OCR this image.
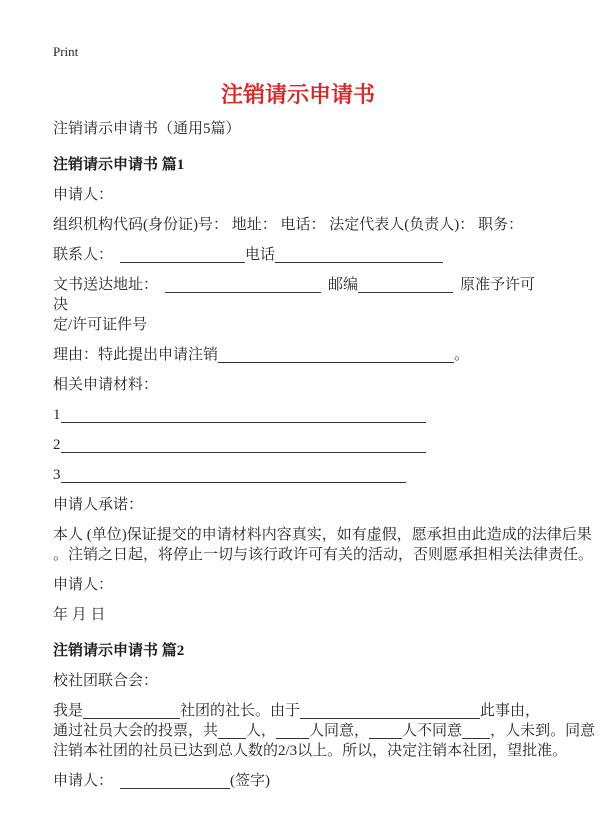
Print
注销请示申请书
注销请示申请书（通用5篇）
注销请示申请书 篇1
申请人：
组织机构代码(身份证)号： 地址： 电话： 法定代表人(负责人)： 职务：
联系人：	电话
文书送达地址：	邮编	原准予许可决
定/许可证件号
理由：特此提出申请注销	。
相关申请材料：
1
2
3
申请人承诺：
本人 (单位)保证提交的申请材料内容真实，如有虚假，愿承担由此造成的法律后果
。注销之日起，将停止一切与该行政许可有关的活动，否则愿承担相关法律责任。
申请人：
年 月 日
注销请示申请书 篇2
校社团联合会：
我是	社团的社长。由于	此事由，
通过社员大会的投票，共 人， 人同意， 人不同意 ，人未到。同意
注销本社团的社员已达到总人数的2/3以上。所以，决定注销本社团，望批准。
申请人：	(签字)
